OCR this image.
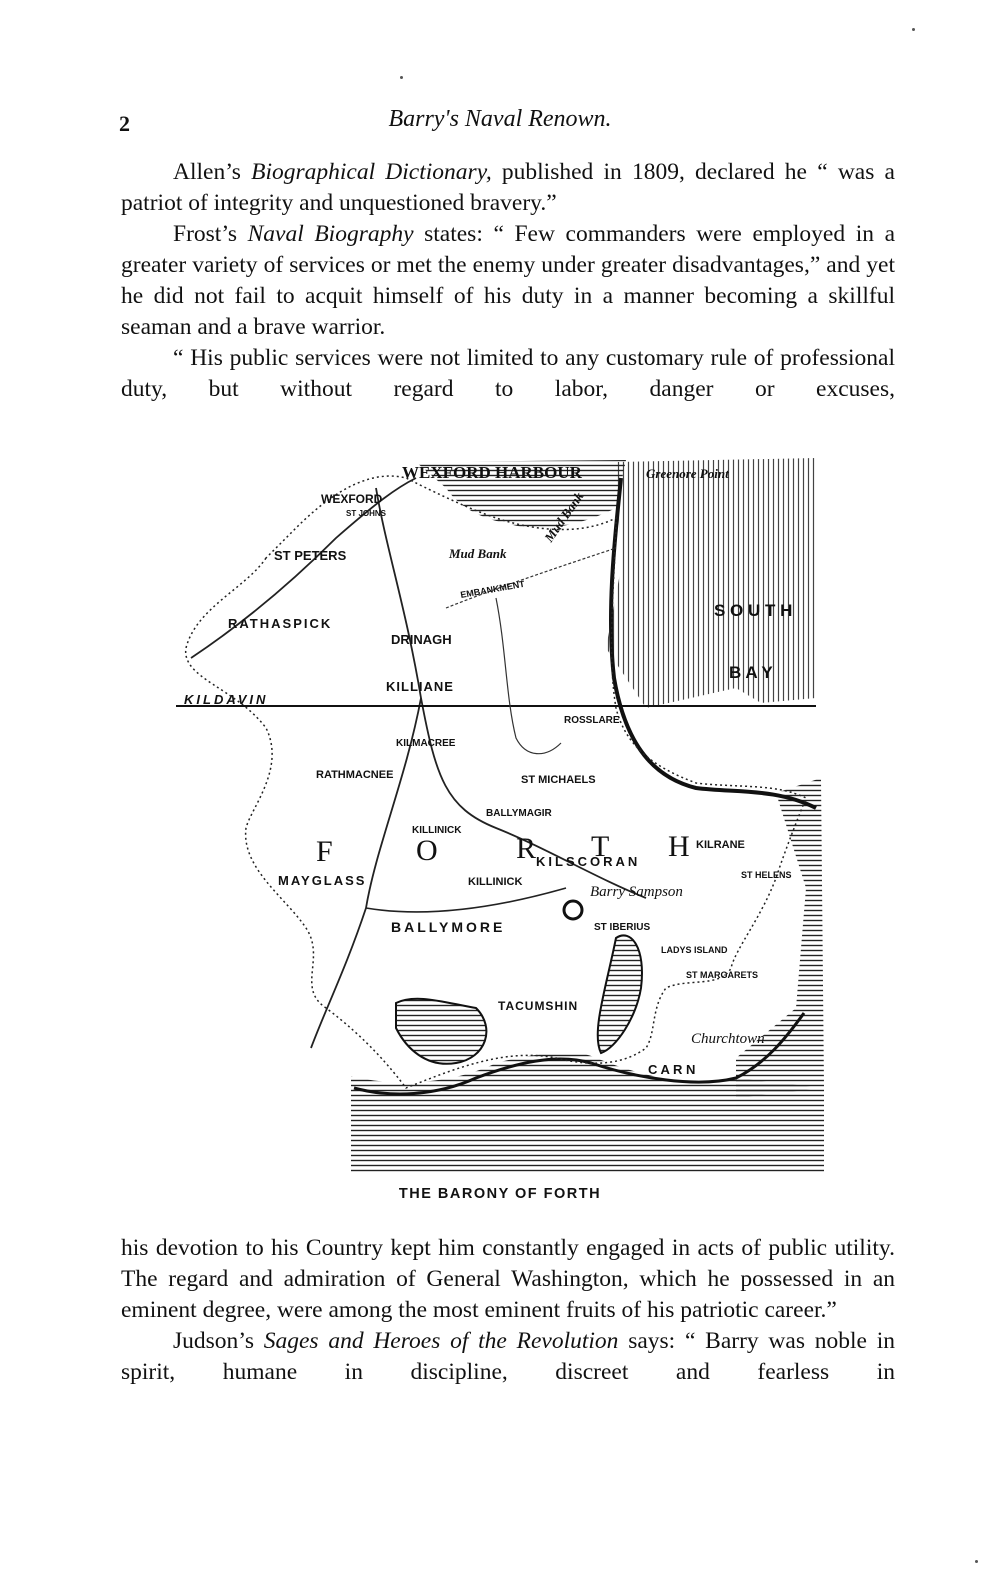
2	Barry's Naval Renown.

Allen’s Biographical Dictionary, published in 1809, declared he “ was a patriot of integrity and unquestioned bravery.”

Frost’s Naval Biography states: “ Few commanders were employed in a greater variety of services or met the enemy under greater disadvantages,” and yet he did not fail to acquit himself of his duty in a manner becoming a skillful seaman and a brave warrior.

“ His public services were not limited to any customary rule of professional duty, but without regard to labor, danger or excuses,

WEXFORD HARBOUR	Greenore Point
WEXFORD
ST JOHNS
Mud Bank
Mud Bank
ST PETERS
RATHASPICK
DRINAGH
EMBANKMENT
S O U T H
B A Y
KILDAVIN
KILLIANE
ROSSLARE
KILMACREE
RATHMACNEE	ST MICHAELS
BALLYMAGIR
KILLINICK
F	O	R T H
KILSCORAN
KILRANE
MAYGLASS	KILLINICK
ST HELENS
Barry Sampson
BALLYMORE	ST IBERIUS
LADYS ISLAND
ST MARGARETS
TACUMSHIN
Churchtown
C A R N
THE BARONY OF FORTH

his devotion to his Country kept him constantly engaged in acts of public utility. The regard and admiration of General Washington, which he possessed in an eminent degree, were among the most eminent fruits of his patriotic career.”

Judson’s Sages and Heroes of the Revolution says: “ Barry was noble in spirit, humane in discipline, discreet and fearless in
